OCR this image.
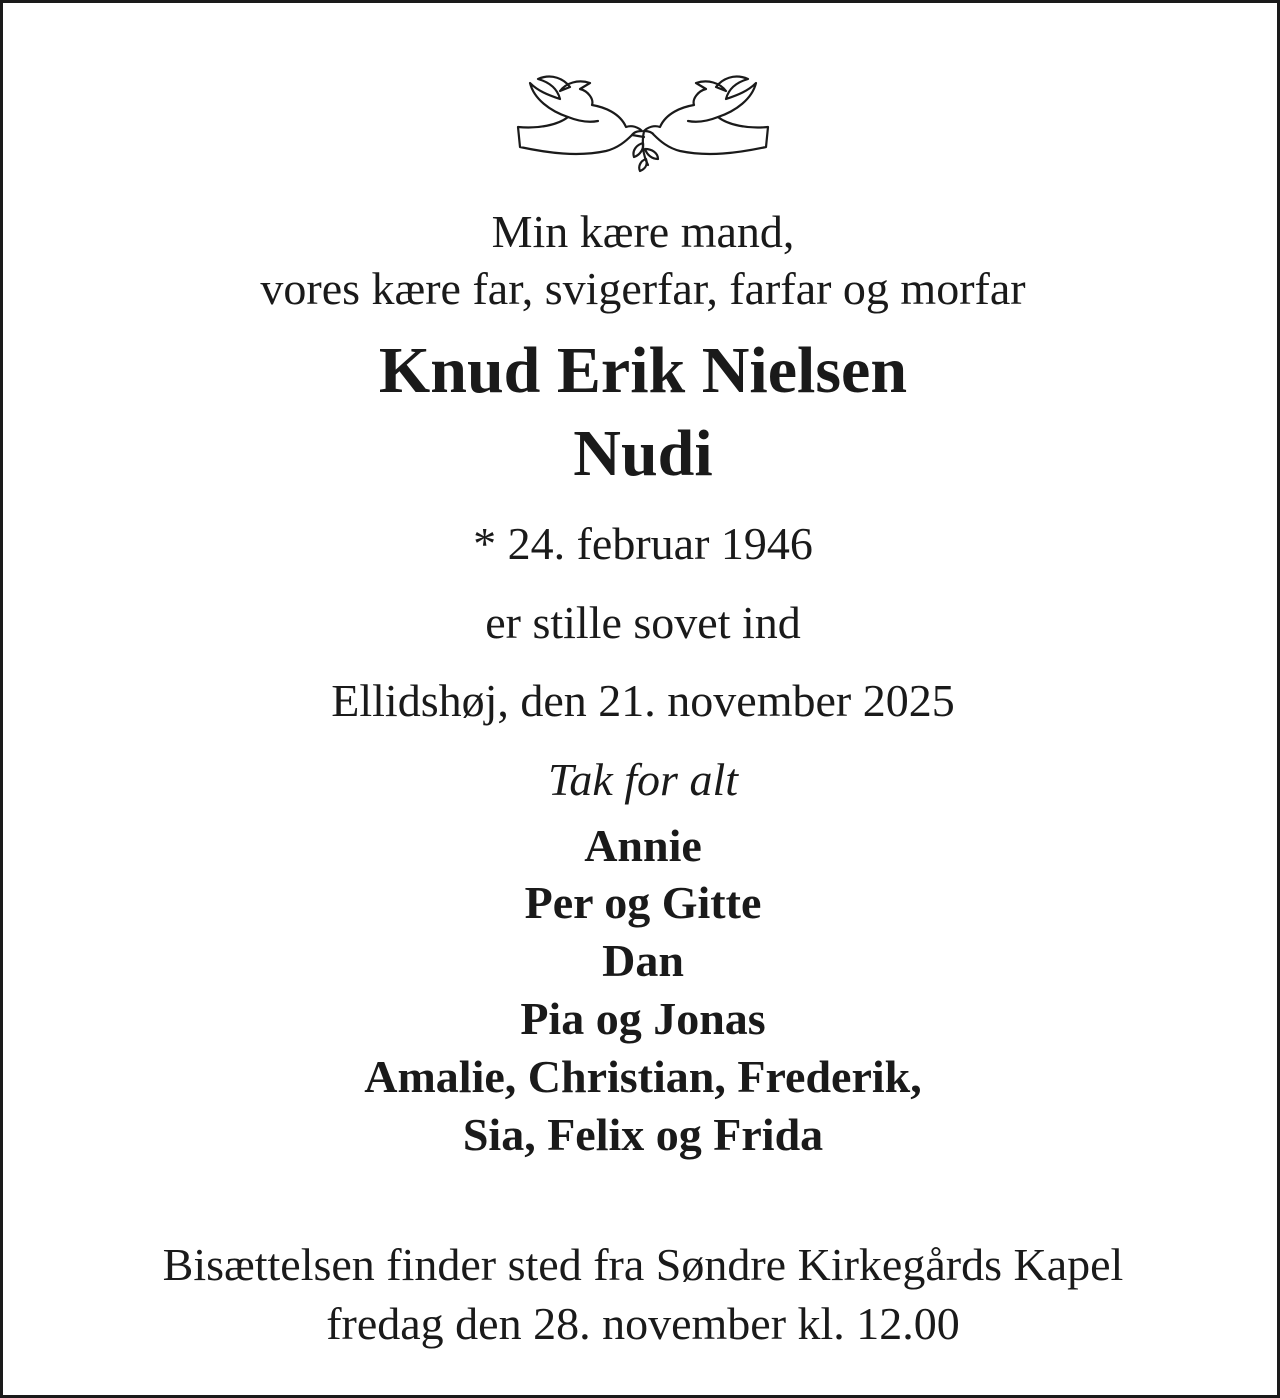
Min kære mand,
vores kære far, svigerfar, farfar og morfar
Knud Erik Nielsen
Nudi
* 24. februar 1946
er stille sovet ind
Ellidshøj, den 21. november 2025
Tak for alt
Annie
Per og Gitte
Dan
Pia og Jonas
Amalie, Christian, Frederik,
Sia, Felix og Frida
Bisættelsen finder sted fra Søndre Kirkegårds Kapel
fredag den 28. november kl. 12.00
